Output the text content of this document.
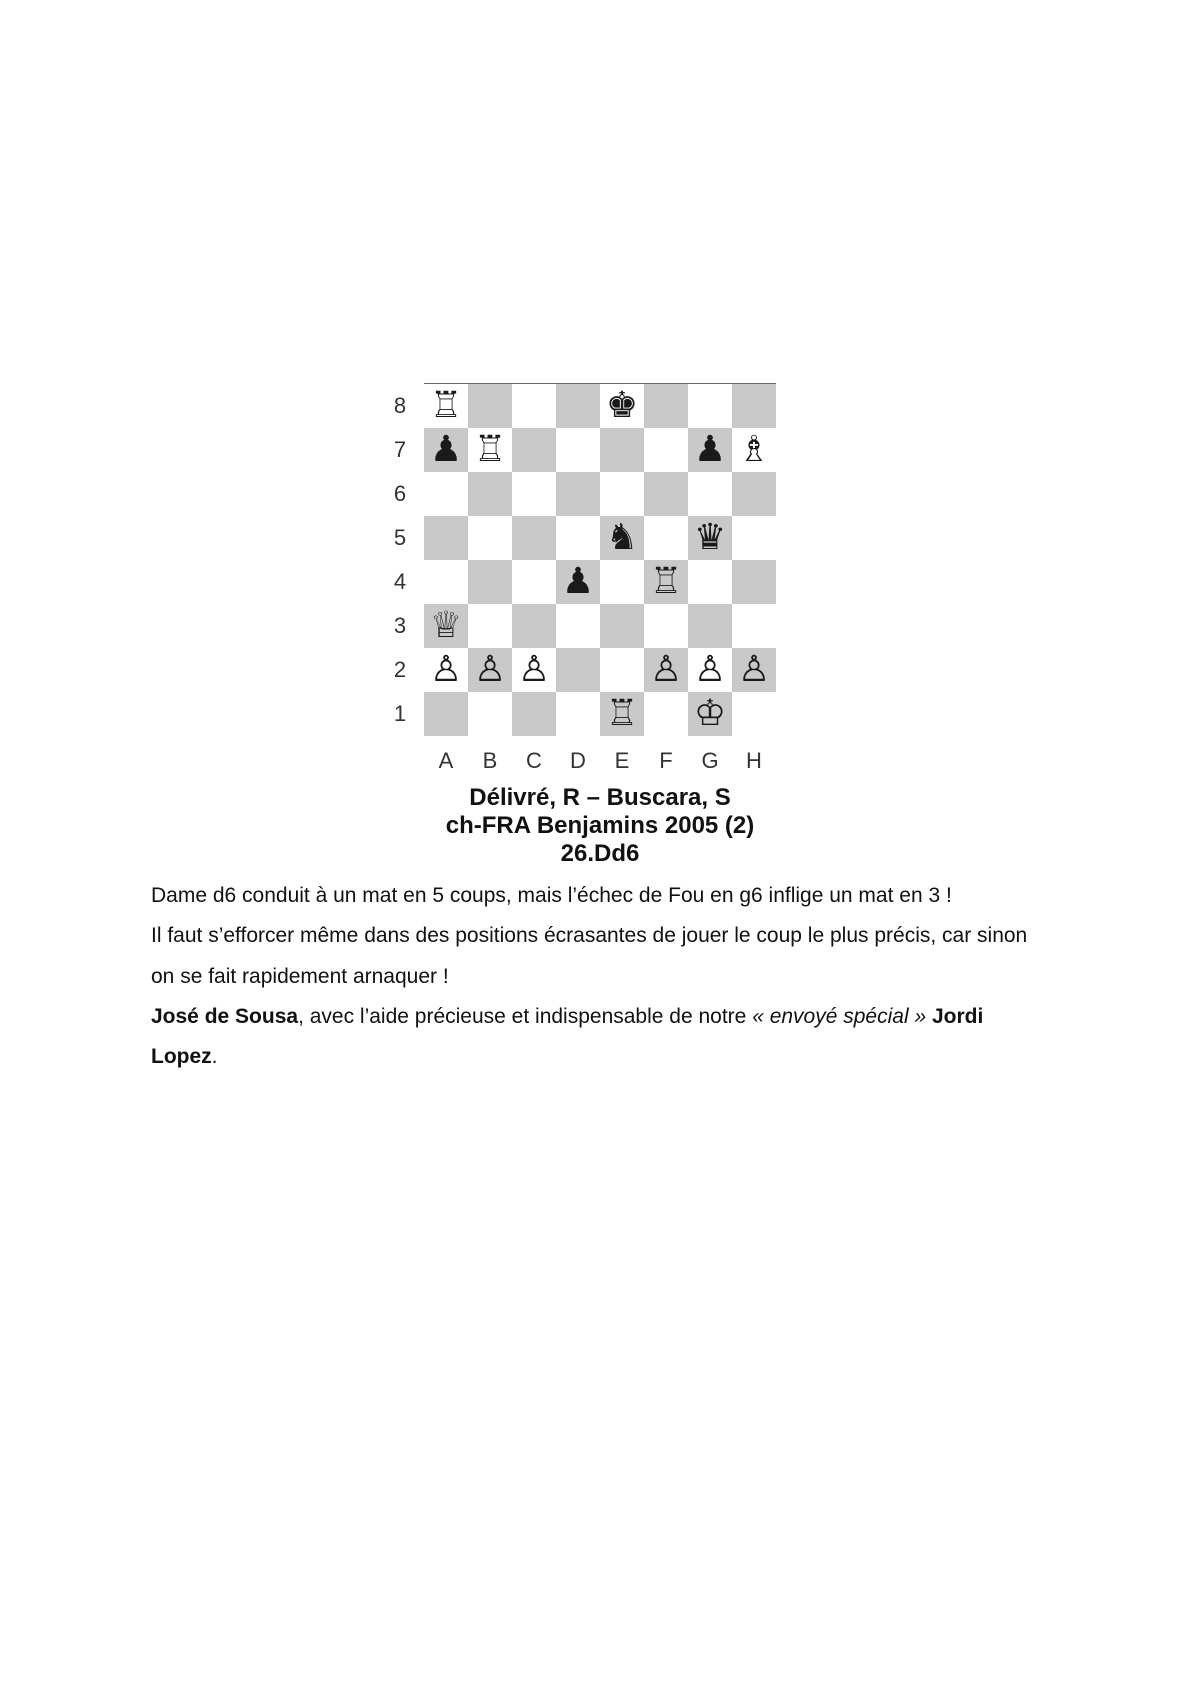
8
7
6
5
4
3
2
1
♖	♚
♟ ♖	♟ ♗
♞ ♛
♟ ♖
♕
♙ ♙ ♙	♙ ♙ ♙
♖ ♔
A	B	C	D	E	F	G	H
Délivré, R – Buscara, S
ch-FRA Benjamins 2005 (2)
26.Dd6
Dame d6 conduit à un mat en 5 coups, mais l’échec de Fou en g6 inflige un mat en 3 !
Il faut s’efforcer même dans des positions écrasantes de jouer le coup le plus précis, car sinon
on se fait rapidement arnaquer !
José de Sousa, avec l’aide précieuse et indispensable de notre « envoyé spécial » Jordi
Lopez.
